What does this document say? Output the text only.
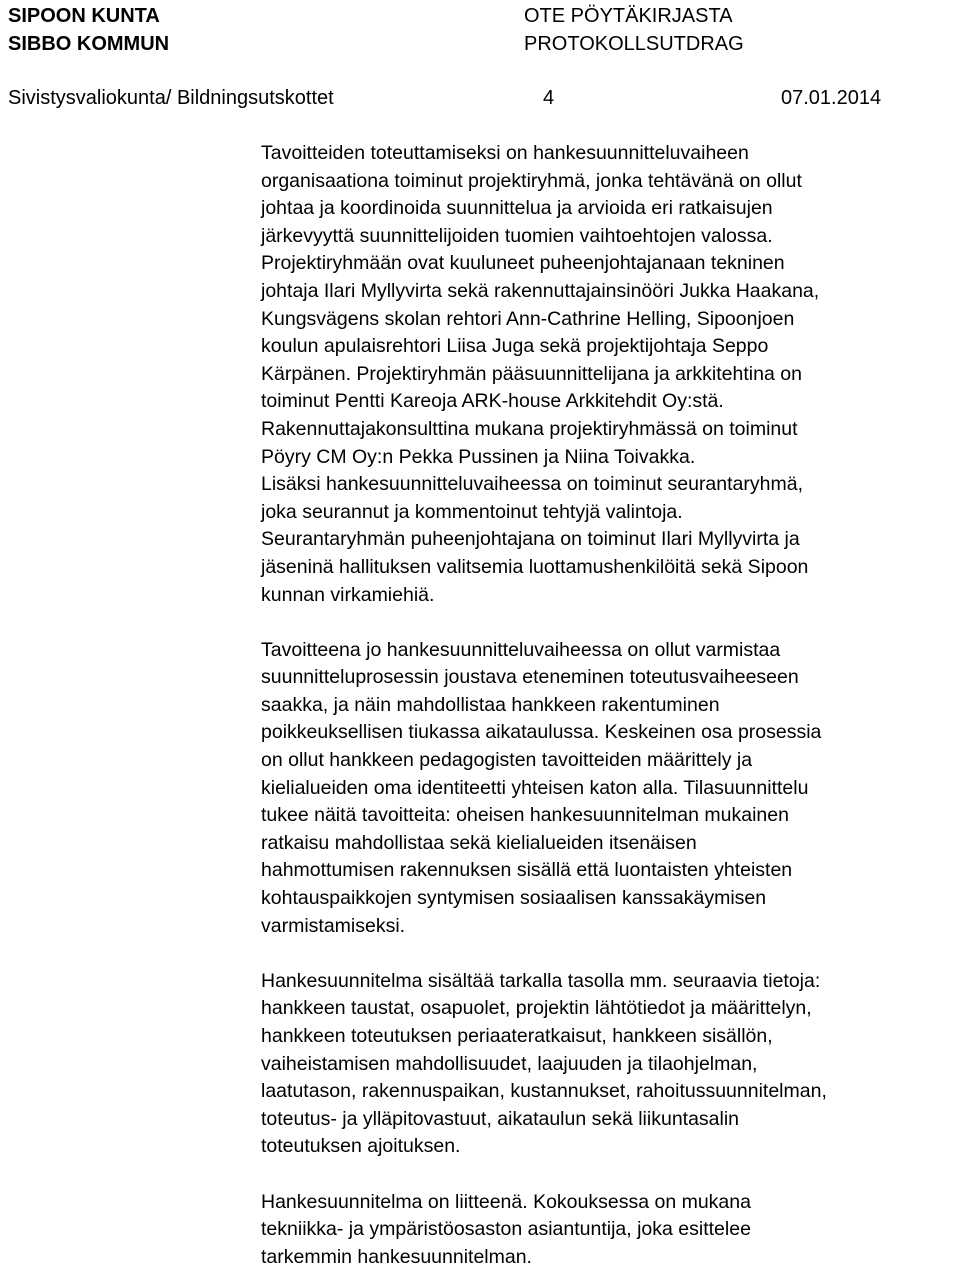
SIPOON KUNTA
SIBBO KOMMUN
OTE PÖYTÄKIRJASTA
PROTOKOLLSUTDRAG
Sivistysvaliokunta/ Bildningsutskottet	4	07.01.2014

Tavoitteiden toteuttamiseksi on hankesuunnitteluvaiheen
organisaationa toiminut projektiryhmä, jonka tehtävänä on ollut
johtaa ja koordinoida suunnittelua ja arvioida eri ratkaisujen
järkevyyttä suunnittelijoiden tuomien vaihtoehtojen valossa.
Projektiryhmään ovat kuuluneet puheenjohtajanaan tekninen
johtaja Ilari Myllyvirta sekä rakennuttajainsinööri Jukka Haakana,
Kungsvägens skolan rehtori Ann-Cathrine Helling, Sipoonjoen
koulun apulaisrehtori Liisa Juga sekä projektijohtaja Seppo
Kärpänen. Projektiryhmän pääsuunnittelijana ja arkkitehtina on
toiminut Pentti Kareoja ARK-house Arkkitehdit Oy:stä.
Rakennuttajakonsulttina mukana projektiryhmässä on toiminut
Pöyry CM Oy:n Pekka Pussinen ja Niina Toivakka.
Lisäksi hankesuunnitteluvaiheessa on toiminut seurantaryhmä,
joka seurannut ja kommentoinut tehtyjä valintoja.
Seurantaryhmän puheenjohtajana on toiminut Ilari Myllyvirta ja
jäseninä hallituksen valitsemia luottamushenkilöitä sekä Sipoon
kunnan virkamiehiä.

Tavoitteena jo hankesuunnitteluvaiheessa on ollut varmistaa
suunnitteluprosessin joustava eteneminen toteutusvaiheeseen
saakka, ja näin mahdollistaa hankkeen rakentuminen
poikkeuksellisen tiukassa aikataulussa. Keskeinen osa prosessia
on ollut hankkeen pedagogisten tavoitteiden määrittely ja
kielialueiden oma identiteetti yhteisen katon alla. Tilasuunnittelu
tukee näitä tavoitteita: oheisen hankesuunnitelman mukainen
ratkaisu mahdollistaa sekä kielialueiden itsenäisen
hahmottumisen rakennuksen sisällä että luontaisten yhteisten
kohtauspaikkojen syntymisen sosiaalisen kanssakäymisen
varmistamiseksi.

Hankesuunnitelma sisältää tarkalla tasolla mm. seuraavia tietoja:
hankkeen taustat, osapuolet, projektin lähtötiedot ja määrittelyn,
hankkeen toteutuksen periaateratkaisut, hankkeen sisällön,
vaiheistamisen mahdollisuudet, laajuuden ja tilaohjelman,
laatutason, rakennuspaikan, kustannukset, rahoitussuunnitelman,
toteutus- ja ylläpitovastuut, aikataulun sekä liikuntasalin
toteutuksen ajoituksen.

Hankesuunnitelma on liitteenä. Kokouksessa on mukana
tekniikka- ja ympäristöosaston asiantuntija, joka esittelee
tarkemmin hankesuunnitelman.
